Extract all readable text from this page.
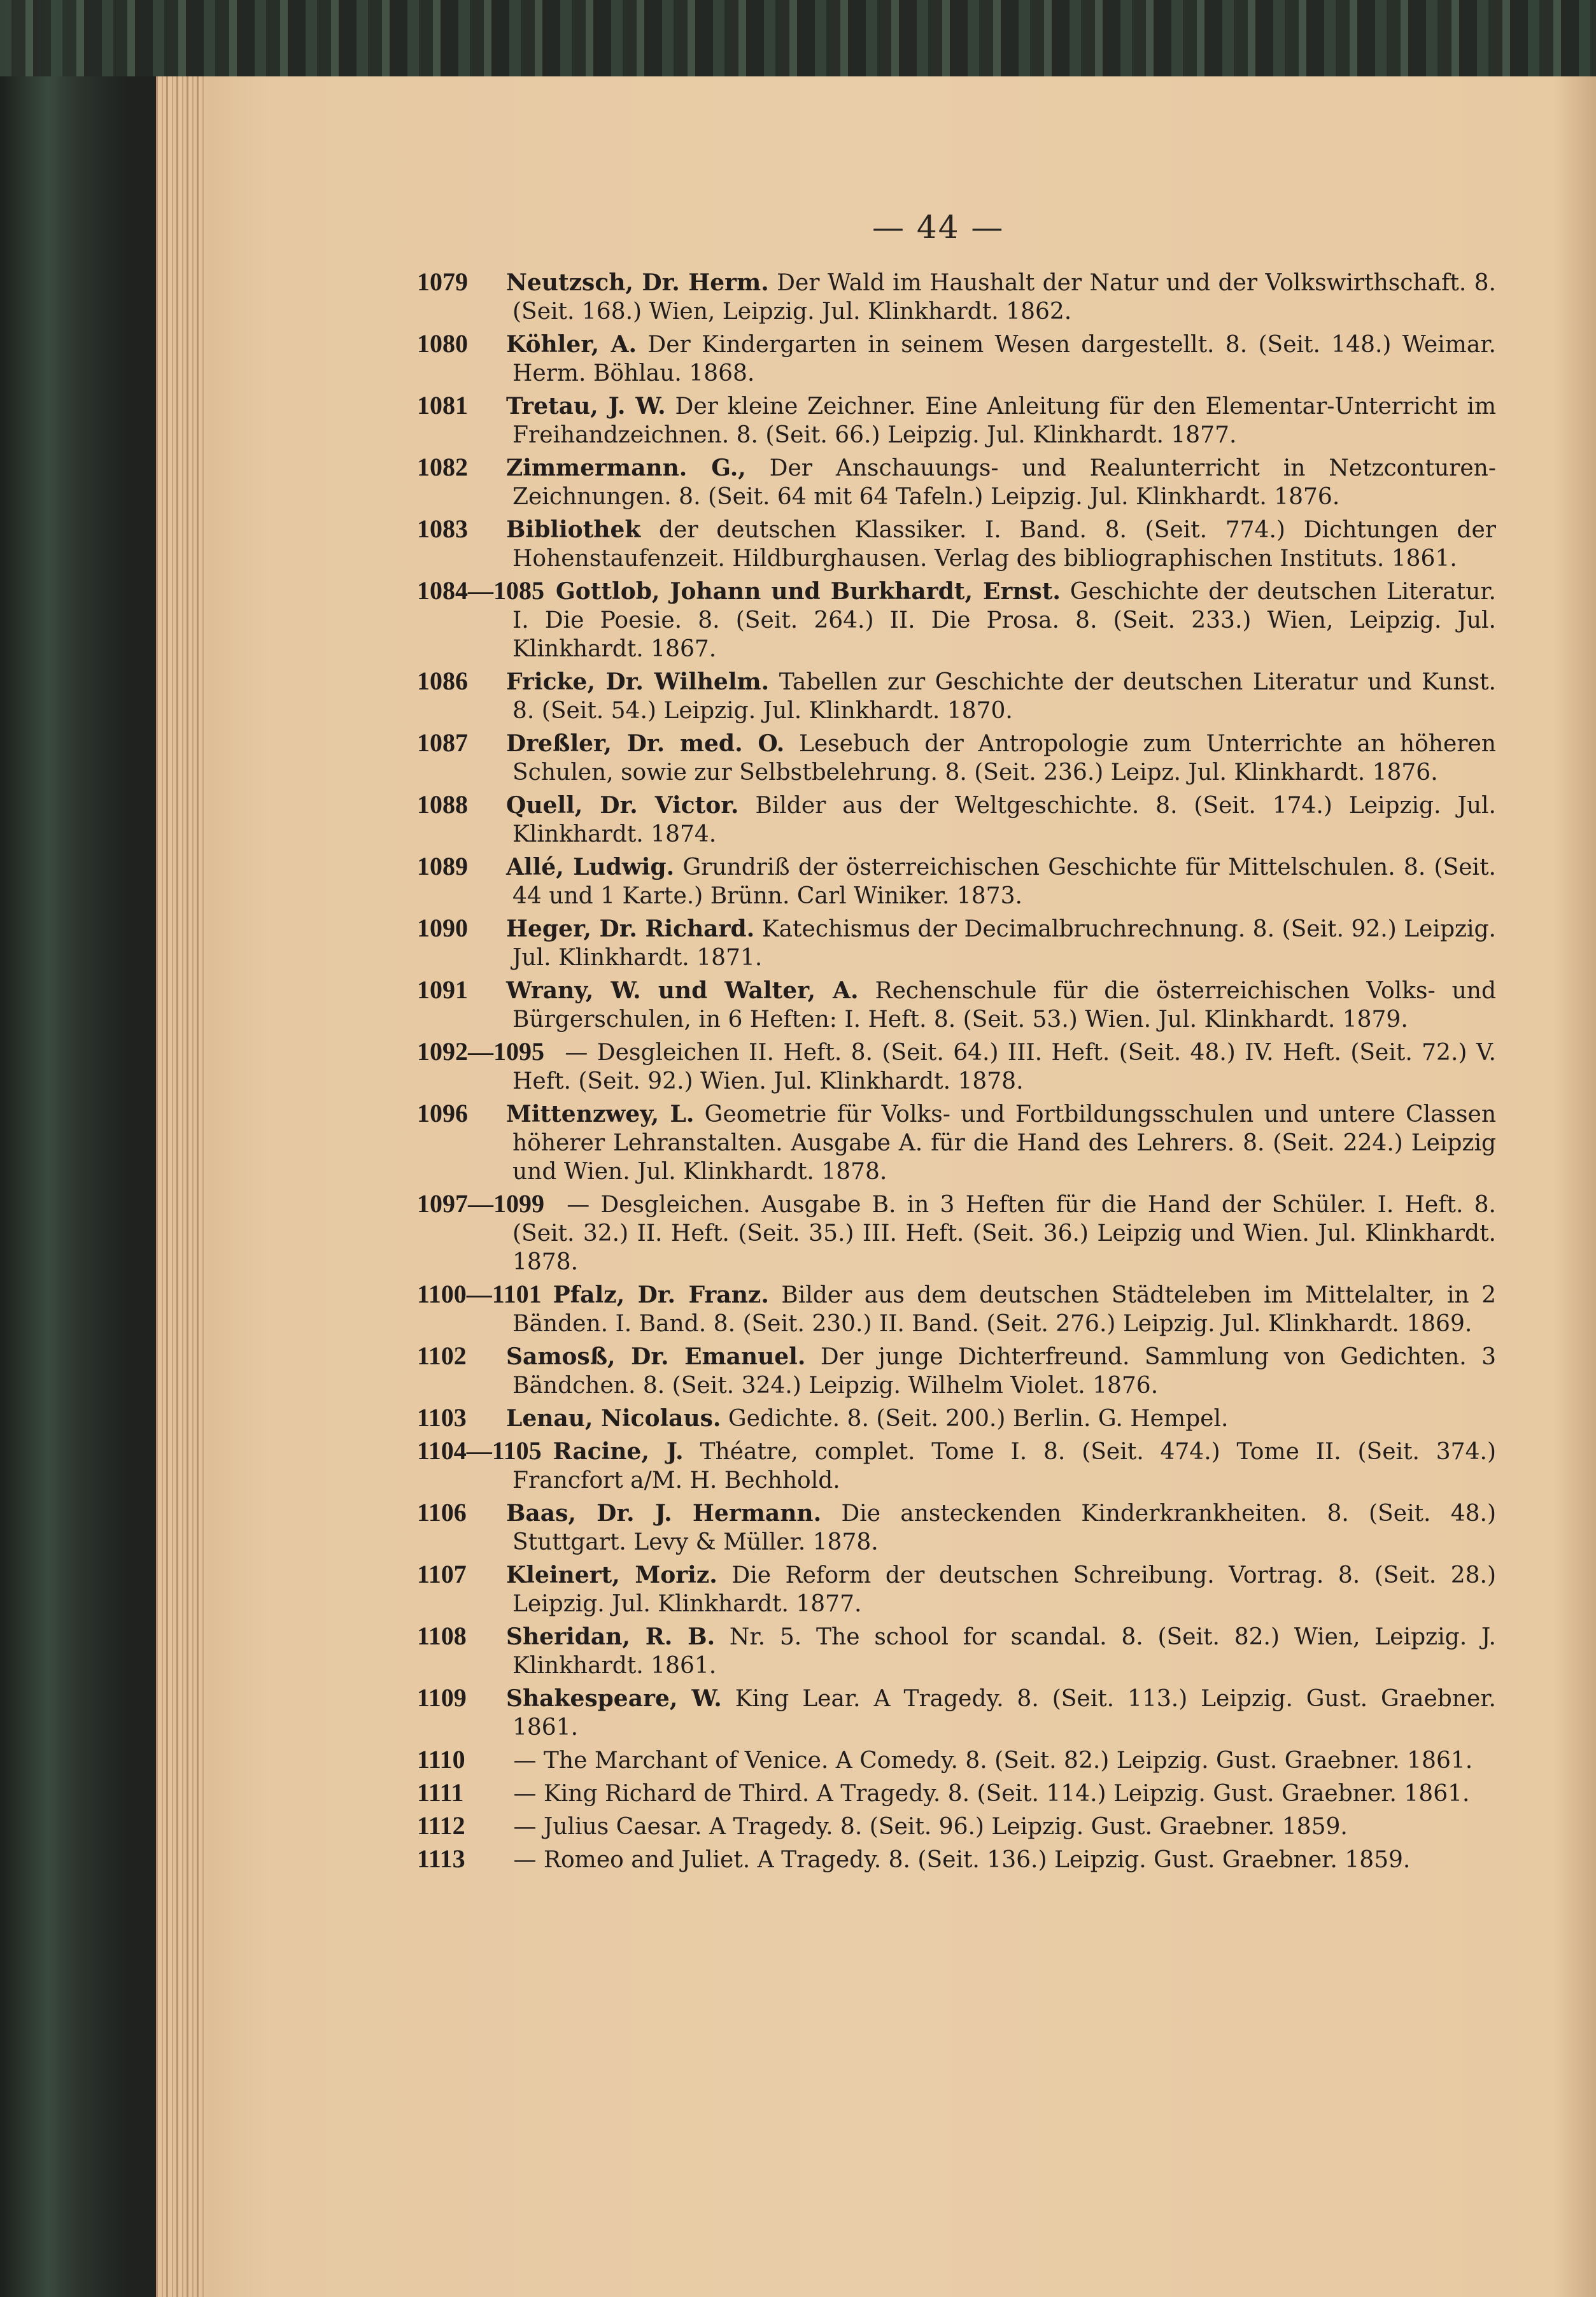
— 44 —
1079 Neutzsch, Dr. Herm. Der Wald im Haushalt der Natur und der Volkswirthschaft. 8. (Seit. 168.) Wien, Leipzig. Jul. Klinkhardt. 1862.
1080 Köhler, A. Der Kindergarten in seinem Wesen dargestellt. 8. (Seit. 148.) Weimar. Herm. Böhlau. 1868.
1081 Tretau, J. W. Der kleine Zeichner. Eine Anleitung für den Elementar-Unterricht im Freihandzeichnen. 8. (Seit. 66.) Leipzig. Jul. Klinkhardt. 1877.
1082 Zimmermann. G., Der Anschauungs- und Realunterricht in Netzconturen-Zeichnungen. 8. (Seit. 64 mit 64 Tafeln.) Leipzig. Jul. Klinkhardt. 1876.
1083 Bibliothek der deutschen Klassiker. I. Band. 8. (Seit. 774.) Dichtungen der Hohenstaufenzeit. Hildburghausen. Verlag des bibliographischen Instituts. 1861.
1084—1085 Gottlob, Johann und Burkhardt, Ernst. Geschichte der deutschen Literatur. I. Die Poesie. 8. (Seit. 264.) II. Die Prosa. 8. (Seit. 233.) Wien, Leipzig. Jul. Klinkhardt. 1867.
1086 Fricke, Dr. Wilhelm. Tabellen zur Geschichte der deutschen Literatur und Kunst. 8. (Seit. 54.) Leipzig. Jul. Klinkhardt. 1870.
1087 Dreßler, Dr. med. O. Lesebuch der Antropologie zum Unterrichte an höheren Schulen, sowie zur Selbstbelehrung. 8. (Seit. 236.) Leipz. Jul. Klinkhardt. 1876.
1088 Quell, Dr. Victor. Bilder aus der Weltgeschichte. 8. (Seit. 174.) Leipzig. Jul. Klinkhardt. 1874.
1089 Allé, Ludwig. Grundriß der österreichischen Geschichte für Mittelschulen. 8. (Seit. 44 und 1 Karte.) Brünn. Carl Winiker. 1873.
1090 Heger, Dr. Richard. Katechismus der Decimalbruchrechnung. 8. (Seit. 92.) Leipzig. Jul. Klinkhardt. 1871.
1091 Wrany, W. und Walter, A. Rechenschule für die österreichischen Volks- und Bürgerschulen, in 6 Heften: I. Heft. 8. (Seit. 53.) Wien. Jul. Klinkhardt. 1879.
1092—1095 — Desgleichen II. Heft. 8. (Seit. 64.) III. Heft. (Seit. 48.) IV. Heft. (Seit. 72.) V. Heft. (Seit. 92.) Wien. Jul. Klinkhardt. 1878.
1096 Mittenzwey, L. Geometrie für Volks- und Fortbildungsschulen und untere Classen höherer Lehranstalten. Ausgabe A. für die Hand des Lehrers. 8. (Seit. 224.) Leipzig und Wien. Jul. Klinkhardt. 1878.
1097—1099 — Desgleichen. Ausgabe B. in 3 Heften für die Hand der Schüler. I. Heft. 8. (Seit. 32.) II. Heft. (Seit. 35.) III. Heft. (Seit. 36.) Leipzig und Wien. Jul. Klinkhardt. 1878.
1100—1101 Pfalz, Dr. Franz. Bilder aus dem deutschen Städteleben im Mittelalter, in 2 Bänden. I. Band. 8. (Seit. 230.) II. Band. (Seit. 276.) Leipzig. Jul. Klinkhardt. 1869.
1102 Samosß, Dr. Emanuel. Der junge Dichterfreund. Sammlung von Gedichten. 3 Bändchen. 8. (Seit. 324.) Leipzig. Wilhelm Violet. 1876.
1103 Lenau, Nicolaus. Gedichte. 8. (Seit. 200.) Berlin. G. Hempel.
1104—1105 Racine, J. Théatre, complet. Tome I. 8. (Seit. 474.) Tome II. (Seit. 374.) Francfort a/M. H. Bechhold.
1106 Baas, Dr. J. Hermann. Die ansteckenden Kinderkrankheiten. 8. (Seit. 48.) Stuttgart. Levy & Müller. 1878.
1107 Kleinert, Moriz. Die Reform der deutschen Schreibung. Vortrag. 8. (Seit. 28.) Leipzig. Jul. Klinkhardt. 1877.
1108 Sheridan, R. B. Nr. 5. The school for scandal. 8. (Seit. 82.) Wien, Leipzig. J. Klinkhardt. 1861.
1109 Shakespeare, W. King Lear. A Tragedy. 8. (Seit. 113.) Leipzig. Gust. Graebner. 1861.
1110 — The Marchant of Venice. A Comedy. 8. (Seit. 82.) Leipzig. Gust. Graebner. 1861.
1111 — King Richard de Third. A Tragedy. 8. (Seit. 114.) Leipzig. Gust. Graebner. 1861.
1112 — Julius Caesar. A Tragedy. 8. (Seit. 96.) Leipzig. Gust. Graebner. 1859.
1113 — Romeo and Juliet. A Tragedy. 8. (Seit. 136.) Leipzig. Gust. Graebner. 1859.
